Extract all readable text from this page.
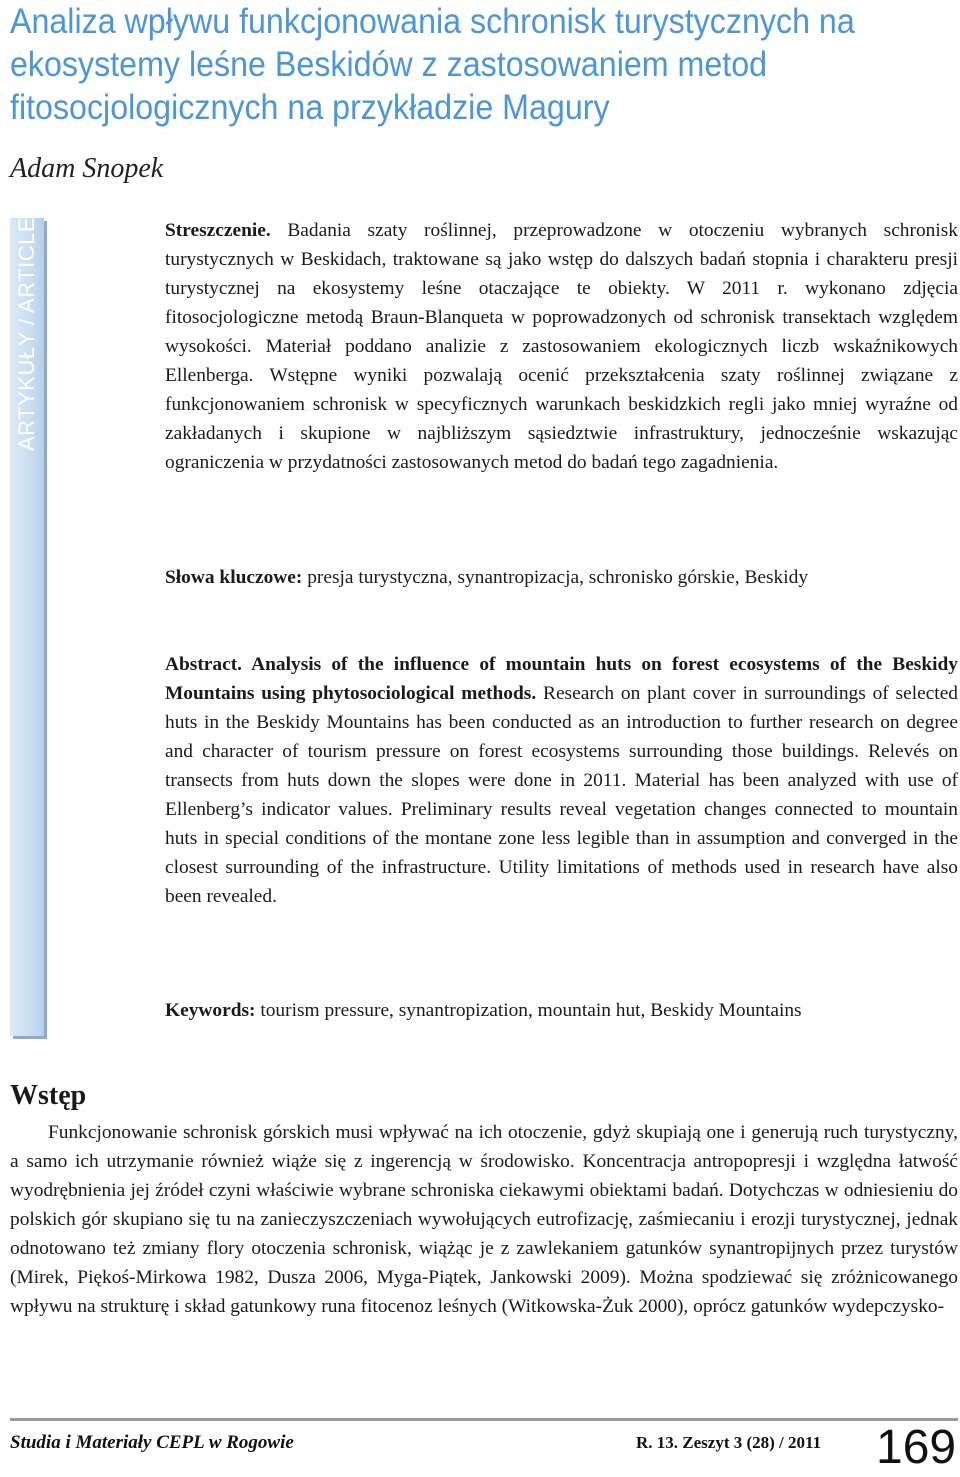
Analiza wpływu funkcjonowania schronisk turystycznych na ekosystemy leśne Beskidów z zastosowaniem metod fitosocjologicznych na przykładzie Magury
Adam Snopek
ARTYKUŁY / ARTICLE	Streszczenie. Badania szaty roślinnej, przeprowadzone w otoczeniu wybranych schronisk turystycznych w Beskidach, traktowane są jako wstęp do dalszych badań stopnia i charakteru presji turystycznej na ekosystemy leśne otaczające te obiekty. W 2011 r. wykonano zdjęcia fitosocjologiczne metodą Braun-Blanqueta w poprowadzonych od schronisk transektach względem wysokości. Materiał poddano analizie z zastosowaniem ekologicznych liczb wskaźnikowych Ellenberga. Wstępne wyniki pozwalają ocenić przekształcenia szaty roślinnej związane z funkcjonowaniem schronisk w specyficznych warunkach beskidzkich regli jako mniej wyraźne od zakładanych i skupione w najbliższym sąsiedztwie infrastruktury, jednocześnie wskazując ograniczenia w przydatności zastosowanych metod do badań tego zagadnienia.

Słowa kluczowe: presja turystyczna, synantropizacja, schronisko górskie, Beskidy

Abstract. Analysis of the influence of mountain huts on forest ecosystems of the Beskidy Mountains using phytosociological methods. Research on plant cover in surroundings of selected huts in the Beskidy Mountains has been conducted as an introduction to further research on degree and character of tourism pressure on forest ecosystems surrounding those buildings. Relevés on transects from huts down the slopes were done in 2011. Material has been analyzed with use of Ellenberg’s indicator values. Preliminary results reveal vegetation changes connected to mountain huts in special conditions of the montane zone less legible than in assumption and converged in the closest surrounding of the infrastructure. Utility limitations of methods used in research have also been revealed.

Keywords: tourism pressure, synantropization, mountain hut, Beskidy Mountains

Wstęp

Funkcjonowanie schronisk górskich musi wpływać na ich otoczenie, gdyż skupiają one i generują ruch turystyczny, a samo ich utrzymanie również wiąże się z ingerencją w środowisko. Koncentracja antropopresji i względna łatwość wyodrębnienia jej źródeł czyni właściwie wybrane schroniska ciekawymi obiektami badań. Dotychczas w odniesieniu do polskich gór skupiano się tu na zanieczyszczeniach wywołujących eutrofizację, zaśmiecaniu i erozji turystycznej, jednak odnotowano też zmiany flory otoczenia schronisk, wiążąc je z zawlekaniem gatunków synantropijnych przez turystów (Mirek, Piękoś-Mirkowa 1982, Dusza 2006, Myga-Piątek, Jankowski 2009). Można spodziewać się zróżnicowanego wpływu na strukturę i skład gatunkowy runa fitocenoz leśnych (Witkowska-Żuk 2000), oprócz gatunków wydepczysko-

Studia i Materiały CEPL w Rogowie	R. 13. Zeszyt 3 (28) / 2011 169
